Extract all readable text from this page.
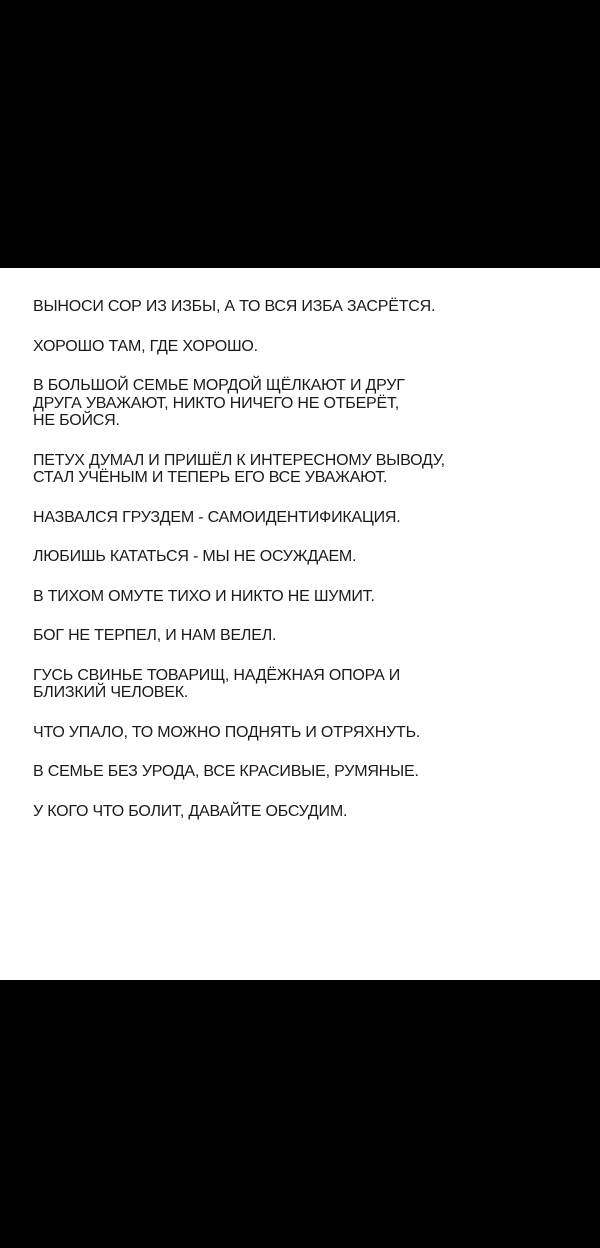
ВЫНОСИ СОР ИЗ ИЗБЫ, А ТО ВСЯ ИЗБА ЗАСРЁТСЯ.

ХОРОШО ТАМ, ГДЕ ХОРОШО.

В БОЛЬШОЙ СЕМЬЕ МОРДОЙ ЩЁЛКАЮТ И ДРУГ
ДРУГА УВАЖАЮТ, НИКТО НИЧЕГО НЕ ОТБЕРЁТ,
НЕ БОЙСЯ.

ПЕТУХ ДУМАЛ И ПРИШЁЛ К ИНТЕРЕСНОМУ ВЫВОДУ,
СТАЛ УЧЁНЫМ И ТЕПЕРЬ ЕГО ВСЕ УВАЖАЮТ.

НАЗВАЛСЯ ГРУЗДЕМ - САМОИДЕНТИФИКАЦИЯ.

ЛЮБИШЬ КАТАТЬСЯ - МЫ НЕ ОСУЖДАЕМ.

В ТИХОМ ОМУТЕ ТИХО И НИКТО НЕ ШУМИТ.

БОГ НЕ ТЕРПЕЛ, И НАМ ВЕЛЕЛ.

ГУСЬ СВИНЬЕ ТОВАРИЩ, НАДЁЖНАЯ ОПОРА И
БЛИЗКИЙ ЧЕЛОВЕК.

ЧТО УПАЛО, ТО МОЖНО ПОДНЯТЬ И ОТРЯХНУТЬ.

В СЕМЬЕ БЕЗ УРОДА, ВСЕ КРАСИВЫЕ, РУМЯНЫЕ.

У КОГО ЧТО БОЛИТ, ДАВАЙТЕ ОБСУДИМ.
